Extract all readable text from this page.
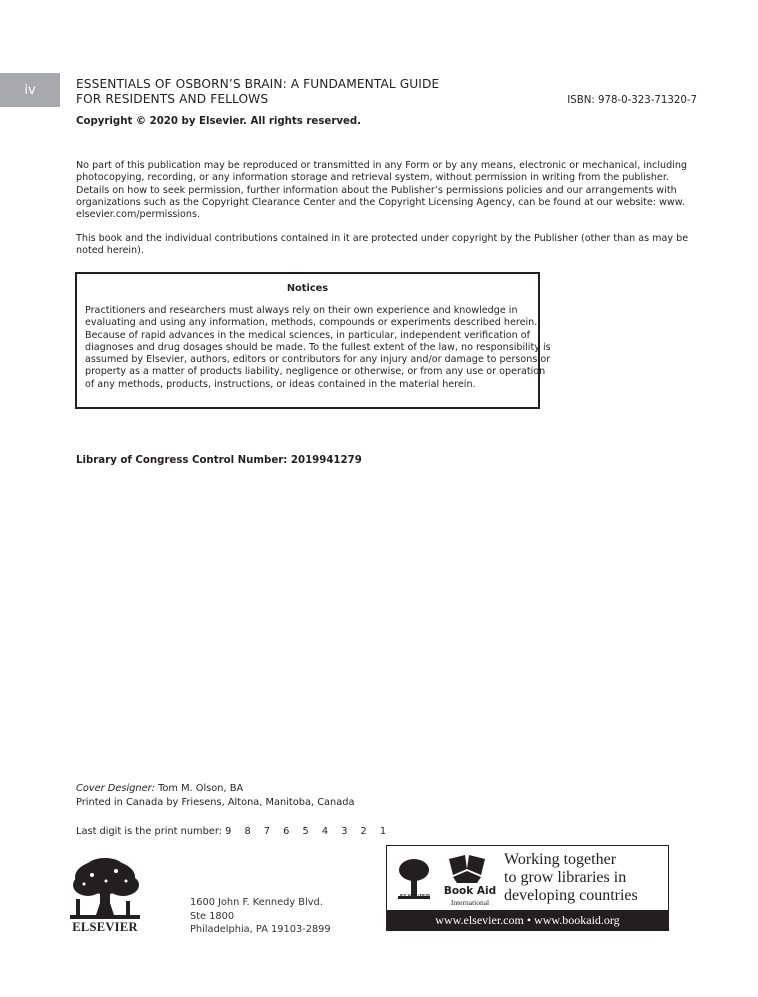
iv	ESSENTIALS OF OSBORN’S BRAIN: A FUNDAMENTAL GUIDE
FOR RESIDENTS AND FELLOWS	ISBN: 978-0-323-71320-7
Copyright © 2020 by Elsevier. All rights reserved.
No part of this publication may be reproduced or transmitted in any Form or by any means, electronic or mechanical, including
photocopying, recording, or any information storage and retrieval system, without permission in writing from the publisher.
Details on how to seek permission, further information about the Publisher’s permissions policies and our arrangements with
organizations such as the Copyright Clearance Center and the Copyright Licensing Agency, can be found at our website: www.
elsevier.com/permissions.
This book and the individual contributions contained in it are protected under copyright by the Publisher (other than as may be
noted herein).
Notices
Practitioners and researchers must always rely on their own experience and knowledge in
evaluating and using any information, methods, compounds or experiments described herein.
Because of rapid advances in the medical sciences, in particular, independent verification of
diagnoses and drug dosages should be made. To the fullest extent of the law, no responsibility is
assumed by Elsevier, authors, editors or contributors for any injury and/or damage to persons or
property as a matter of products liability, negligence or otherwise, or from any use or operation
of any methods, products, instructions, or ideas contained in the material herein.
Library of Congress Control Number: 2019941279
Cover Designer: Tom M. Olson, BA
Printed in Canada by Friesens, Altona, Manitoba, Canada
Last digit is the print number: 9 8 7 6 5 4 3 2 1
ELSEVIER
1600 John F. Kennedy Blvd.
Ste 1800
Philadelphia, PA 19103-2899
ELSEVIER	Book Aid
International
Working together
to grow libraries in
developing countries
www.elsevier.com • www.bookaid.org
